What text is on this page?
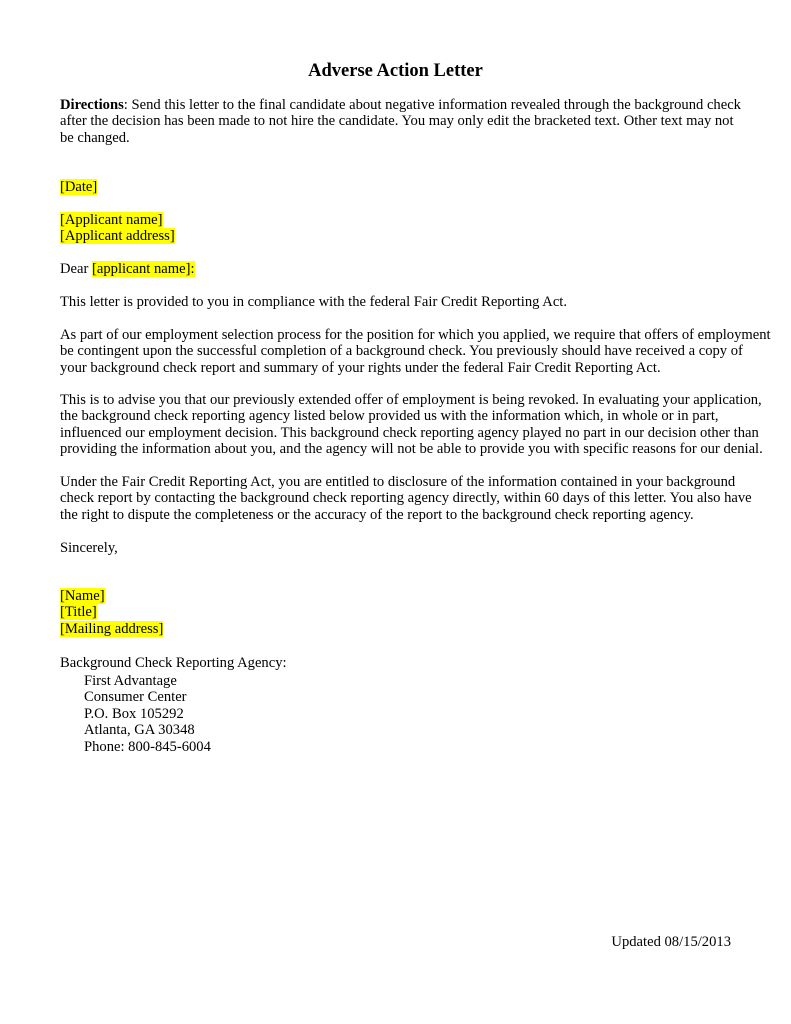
Adverse Action Letter
Directions: Send this letter to the final candidate about negative information revealed through the background check
after the decision has been made to not hire the candidate. You may only edit the bracketed text. Other text may not
be changed.
[Date]
[Applicant name]
[Applicant address]
Dear [applicant name]:
This letter is provided to you in compliance with the federal Fair Credit Reporting Act.
As part of our employment selection process for the position for which you applied, we require that offers of employment
be contingent upon the successful completion of a background check. You previously should have received a copy of
your background check report and summary of your rights under the federal Fair Credit Reporting Act.
This is to advise you that our previously extended offer of employment is being revoked. In evaluating your application,
the background check reporting agency listed below provided us with the information which, in whole or in part,
influenced our employment decision. This background check reporting agency played no part in our decision other than
providing the information about you, and the agency will not be able to provide you with specific reasons for our denial.
Under the Fair Credit Reporting Act, you are entitled to disclosure of the information contained in your background
check report by contacting the background check reporting agency directly, within 60 days of this letter. You also have
the right to dispute the completeness or the accuracy of the report to the background check reporting agency.
Sincerely,
[Name]
[Title]
[Mailing address]
Background Check Reporting Agency:
First Advantage
Consumer Center
P.O. Box 105292
Atlanta, GA 30348
Phone: 800-845-6004
Updated 08/15/2013
